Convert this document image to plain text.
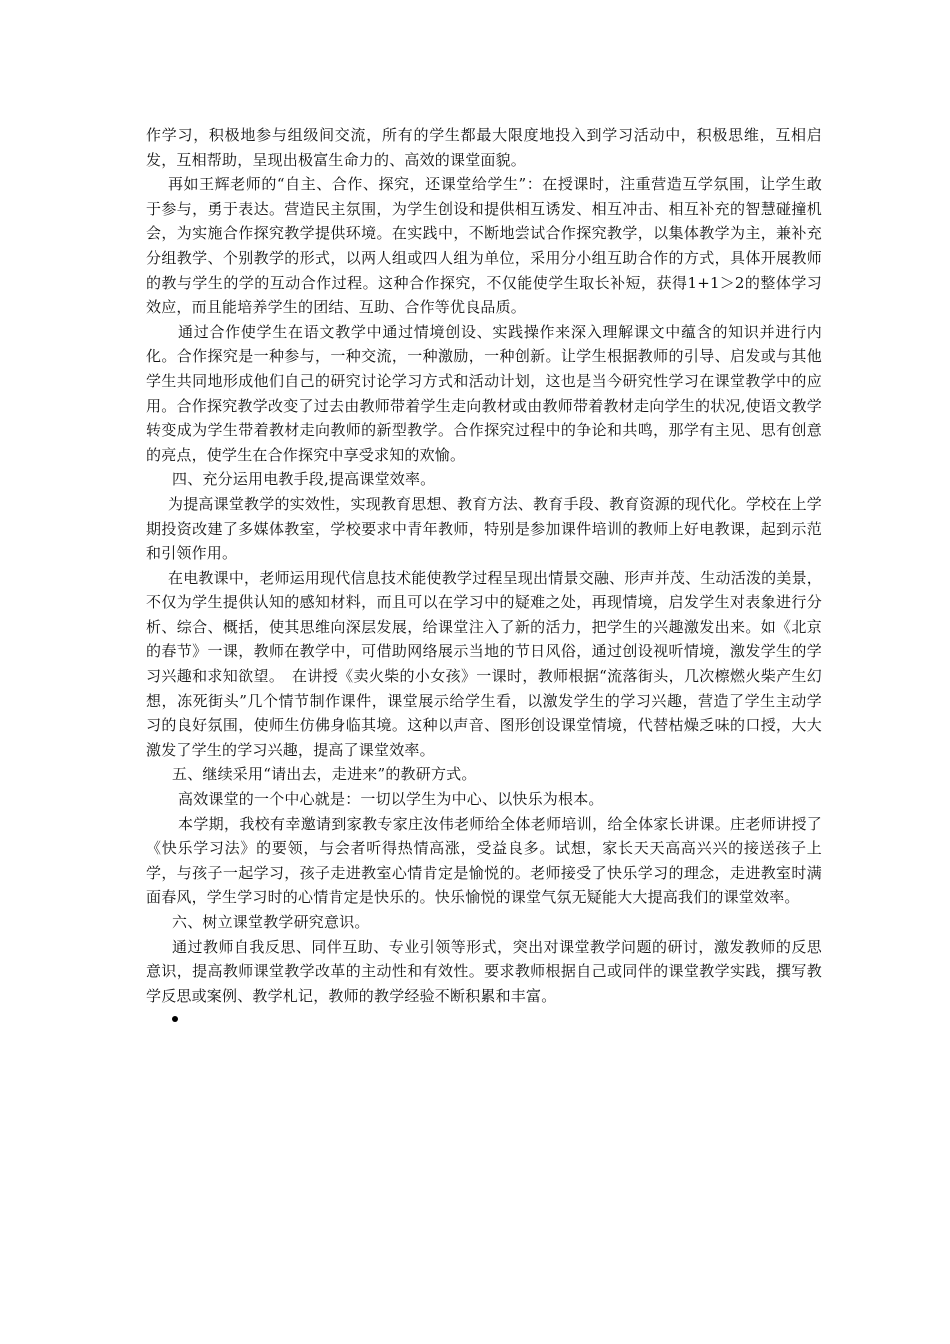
作学习，积极地参与组级间交流，所有的学生都最大限度地投入到学习活动中，积极思维，互相启发，互相帮助，呈现出极富生命力的、高效的课堂面貌。

再如王辉老师的“自主、合作、探究，还课堂给学生”：在授课时，注重营造互学氛围，让学生敢于参与，勇于表达。营造民主氛围，为学生创设和提供相互诱发、相互冲击、相互补充的智慧碰撞机会，为实施合作探究教学提供环境。在实践中，不断地尝试合作探究教学，以集体教学为主，兼补充分组教学、个别教学的形式，以两人组或四人组为单位，采用分小组互助合作的方式，具体开展教师的教与学生的学的互动合作过程。这种合作探究，不仅能使学生取长补短，获得1+1＞2的整体学习效应，而且能培养学生的团结、互助、合作等优良品质。

通过合作使学生在语文教学中通过情境创设、实践操作来深入理解课文中蕴含的知识并进行内化。合作探究是一种参与，一种交流，一种激励，一种创新。让学生根据教师的引导、启发或与其他学生共同地形成他们自己的研究讨论学习方式和活动计划，这也是当今研究性学习在课堂教学中的应用。合作探究教学改变了过去由教师带着学生走向教材或由教师带着教材走向学生的状况,使语文教学转变成为学生带着教材走向教师的新型教学。合作探究过程中的争论和共鸣，那学有主见、思有创意的亮点，使学生在合作探究中享受求知的欢愉。

四、充分运用电教手段,提高课堂效率。

为提高课堂教学的实效性，实现教育思想、教育方法、教育手段、教育资源的现代化。学校在上学期投资改建了多媒体教室，学校要求中青年教师，特别是参加课件培训的教师上好电教课，起到示范和引领作用。

在电教课中，老师运用现代信息技术能使教学过程呈现出情景交融、形声并茂、生动活泼的美景，不仅为学生提供认知的感知材料，而且可以在学习中的疑难之处，再现情境，启发学生对表象进行分析、综合、概括，使其思维向深层发展，给课堂注入了新的活力，把学生的兴趣激发出来。如《北京的春节》一课，教师在教学中，可借助网络展示当地的节日风俗，通过创设视听情境，激发学生的学习兴趣和求知欲望。　在讲授《卖火柴的小女孩》一课时，教师根据“流落街头，几次檫燃火柴产生幻想，冻死街头”几个情节制作课件，课堂展示给学生看，以激发学生的学习兴趣，营造了学生主动学习的良好氛围，使师生仿佛身临其境。这种以声音、图形创设课堂情境，代替枯燥乏味的口授，大大激发了学生的学习兴趣，提高了课堂效率。

五、继续采用“请出去，走进来”的教研方式。

高效课堂的一个中心就是：一切以学生为中心、以快乐为根本。

本学期，我校有幸邀请到家教专家庄汝伟老师给全体老师培训，给全体家长讲课。庄老师讲授了《快乐学习法》的要领，与会者听得热情高涨，受益良多。试想，家长天天高高兴兴的接送孩子上学，与孩子一起学习，孩子走进教室心情肯定是愉悦的。老师接受了快乐学习的理念，走进教室时满面春风，学生学习时的心情肯定是快乐的。快乐愉悦的课堂气氛无疑能大大提高我们的课堂效率。

六、树立课堂教学研究意识。

通过教师自我反思、同伴互助、专业引领等形式，突出对课堂教学问题的研讨，激发教师的反思意识，提高教师课堂教学改革的主动性和有效性。要求教师根据自己或同伴的课堂教学实践，撰写教学反思或案例、教学札记，教师的教学经验不断积累和丰富。
